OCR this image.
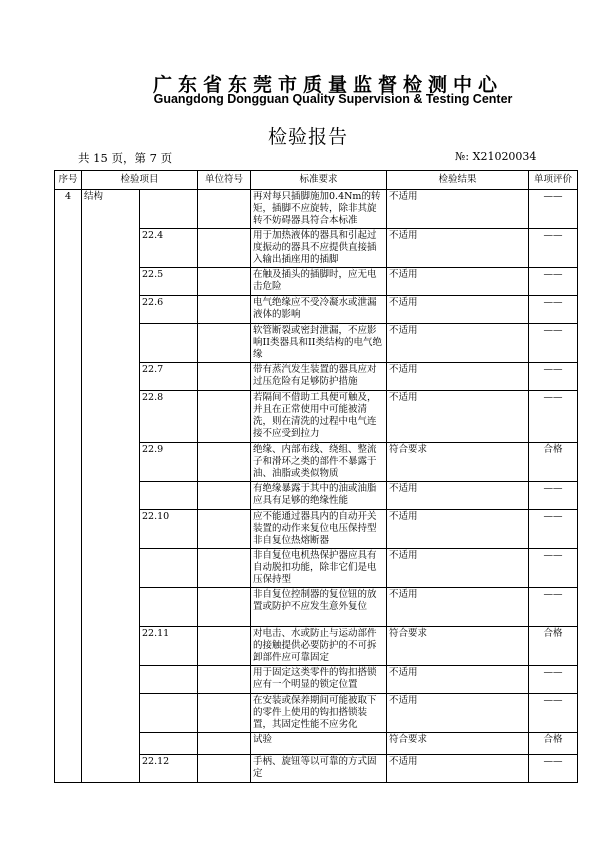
广东省东莞市质量监督检测中心
Guangdong Dongguan Quality Supervision & Testing Center
检验报告
共 15 页，第 7 页	№: X21020034
序号	检验项目		单位符号	标准要求	检验结果	单项评价
4	结构			再对每只插脚施加0.4Nm的转矩，插脚不应旋转，除非其旋转不妨碍器具符合本标准	不适用	——
		22.4		用于加热液体的器具和引起过度振动的器具不应提供直接插入输出插座用的插脚	不适用	——
		22.5		在触及插头的插脚时，应无电击危险	不适用	——
		22.6		电气绝缘应不受冷凝水或泄漏液体的影响	不适用	——
				软管断裂或密封泄漏，不应影响II类器具和II类结构的电气绝缘	不适用	——
		22.7		带有蒸汽发生装置的器具应对过压危险有足够防护措施	不适用	——
		22.8		若隔间不借助工具便可触及，并且在正常使用中可能被清洗，则在清洗的过程中电气连接不应受到拉力	不适用	——
		22.9		绝缘、内部布线、绕组、整流子和滑环之类的部件不暴露于油、油脂或类似物质	符合要求	合格
				有绝缘暴露于其中的油或油脂应具有足够的绝缘性能	不适用	——
		22.10		应不能通过器具内的自动开关装置的动作来复位电压保持型非自复位热熔断器	不适用	——
				非自复位电机热保护器应具有自动脱扣功能，除非它们是电压保持型	不适用	——
				非自复位控制器的复位钮的放置或防护不应发生意外复位	不适用	——
		22.11		对电击、水或防止与运动部件的接触提供必要防护的不可拆卸部件应可靠固定	符合要求	合格
				用于固定这类零件的钩扣搭锁应有一个明显的锁定位置	不适用	——
				在安装或保养期间可能被取下的零件上使用的钩扣搭锁装置，其固定性能不应劣化	不适用	——
				试验	符合要求	合格
		22.12		手柄、旋钮等以可靠的方式固定	不适用	——
